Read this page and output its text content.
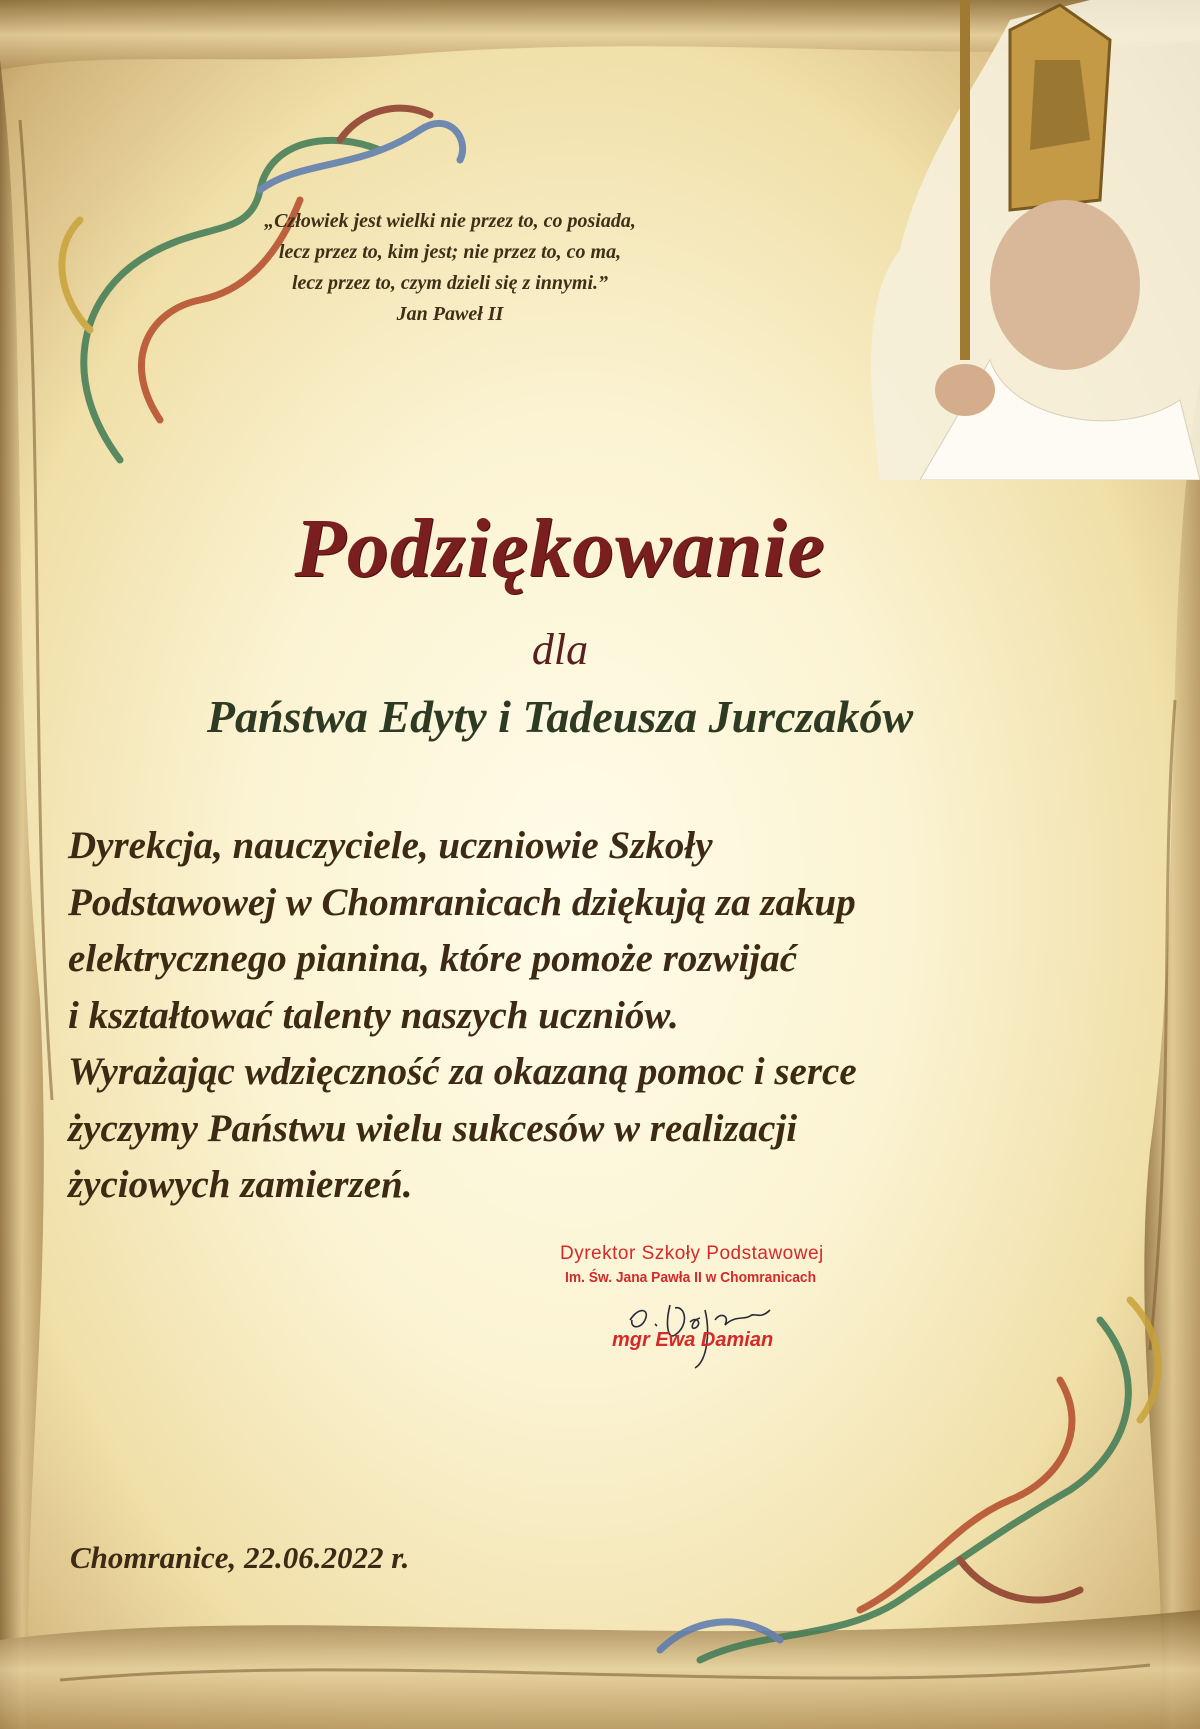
„Człowiek jest wielki nie przez to, co posiada,
lecz przez to, kim jest; nie przez to, co ma,
lecz przez to, czym dzieli się z innymi.”
Jan Paweł II
Podziękowanie
dla
Państwa Edyty i Tadeusza Jurczaków
Dyrekcja, nauczyciele, uczniowie Szkoły
Podstawowej w Chomranicach dziękują za zakup
elektrycznego pianina, które pomoże rozwijać
i kształtować talenty naszych uczniów.
Wyrażając wdzięczność za okazaną pomoc i serce
życzymy Państwu wielu sukcesów w realizacji
życiowych zamierzeń.
Dyrektor Szkoły Podstawowej
Im. Św. Jana Pawła II w Chomranicach
mgr Ewa Damian
Chomranice, 22.06.2022 r.
